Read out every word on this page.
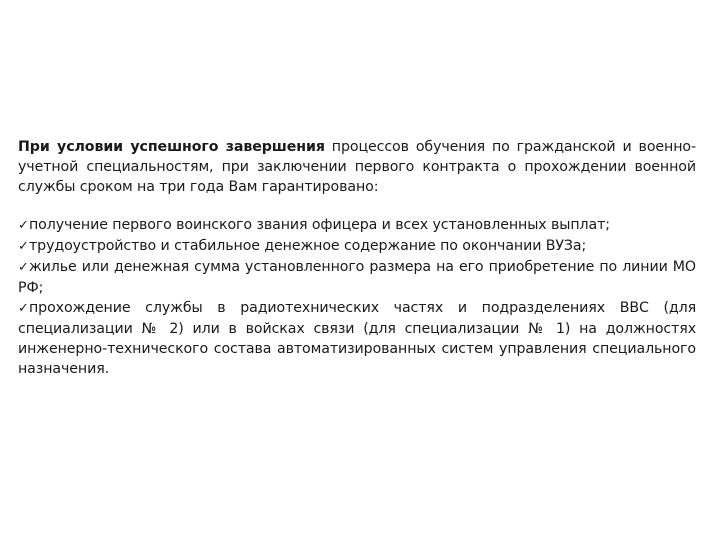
При условии успешного завершения процессов обучения по гражданской и военно-учетной специальностям, при заключении первого контракта о прохождении военной службы сроком на три года Вам гарантировано:

✓получение первого воинского звания офицера и всех установленных выплат;
✓трудоустройство и стабильное денежное содержание по окончании ВУЗа;
✓жилье или денежная сумма установленного размера на его приобретение по линии МО РФ;
✓прохождение службы в радиотехнических частях и подразделениях ВВС (для специализации № 2) или в войсках связи (для специализации № 1) на должностях инженерно-технического состава автоматизированных систем управления специального назначения.
